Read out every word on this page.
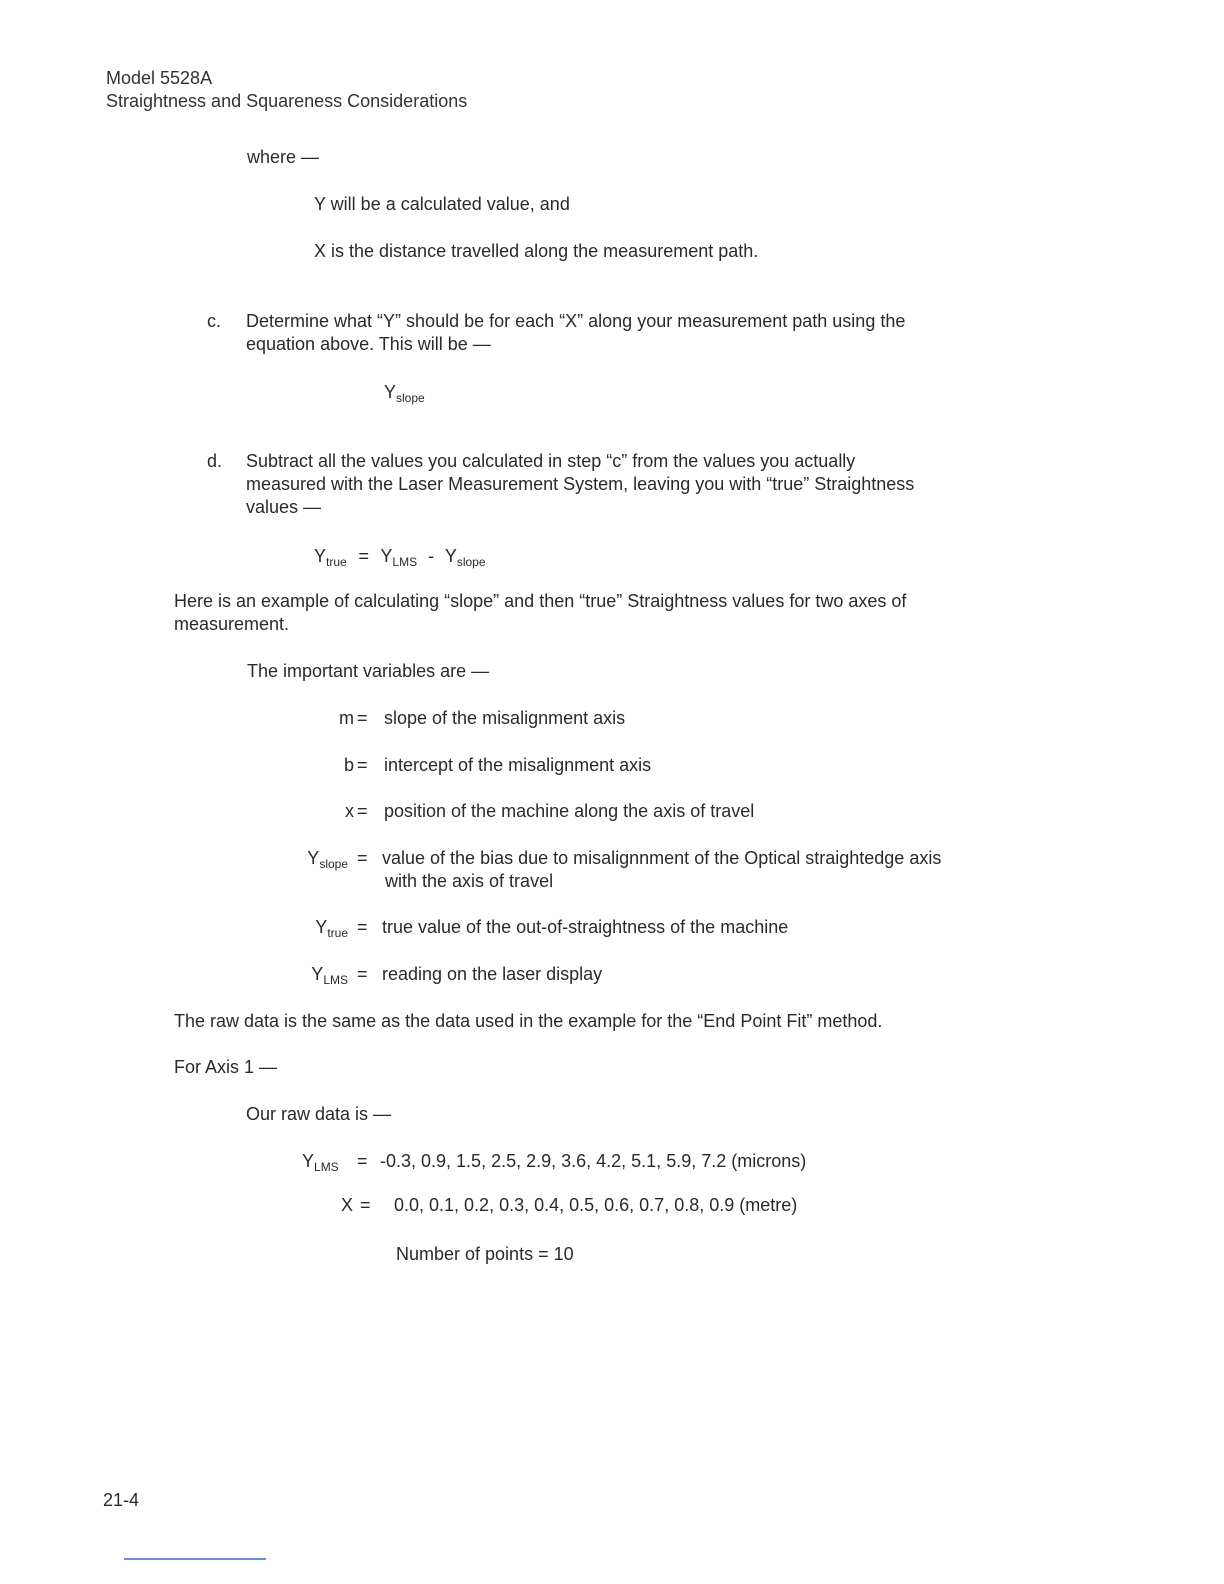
Model 5528A
Straightness and Squareness Considerations
where —
Y will be a calculated value, and
X is the distance travelled along the measurement path.
c. Determine what “Y” should be for each “X” along your measurement path using the
equation above. This will be —
$Y_{slope}$
d. Subtract all the values you calculated in step “c” from the values you actually
measured with the Laser Measurement System, leaving you with “true” Straightness
values —
$Y_{true} = Y_{LMS} - Y_{slope}$
Here is an example of calculating “slope” and then “true” Straightness values for two axes of
measurement.
The important variables are —
m = slope of the misalignment axis
b = intercept of the misalignment axis
x = position of the machine along the axis of travel
$Y_{slope}$ = value of the bias due to misalignnment of the Optical straightedge axis
with the axis of travel
$Y_{true}$ = true value of the out-of-straightness of the machine
$Y_{LMS}$ = reading on the laser display
The raw data is the same as the data used in the example for the “End Point Fit” method.
For Axis 1 —
Our raw data is —
$Y_{LMS} = -0.3$, 0.9, 1.5, 2.5, 2.9, 3.6, 4.2, 5.1, 5.9, 7.2 (microns)
X = 0.0, 0.1, 0.2, 0.3, 0.4, 0.5, 0.6, 0.7, 0.8, 0.9 (metre)
Number of points = 10
21-4
